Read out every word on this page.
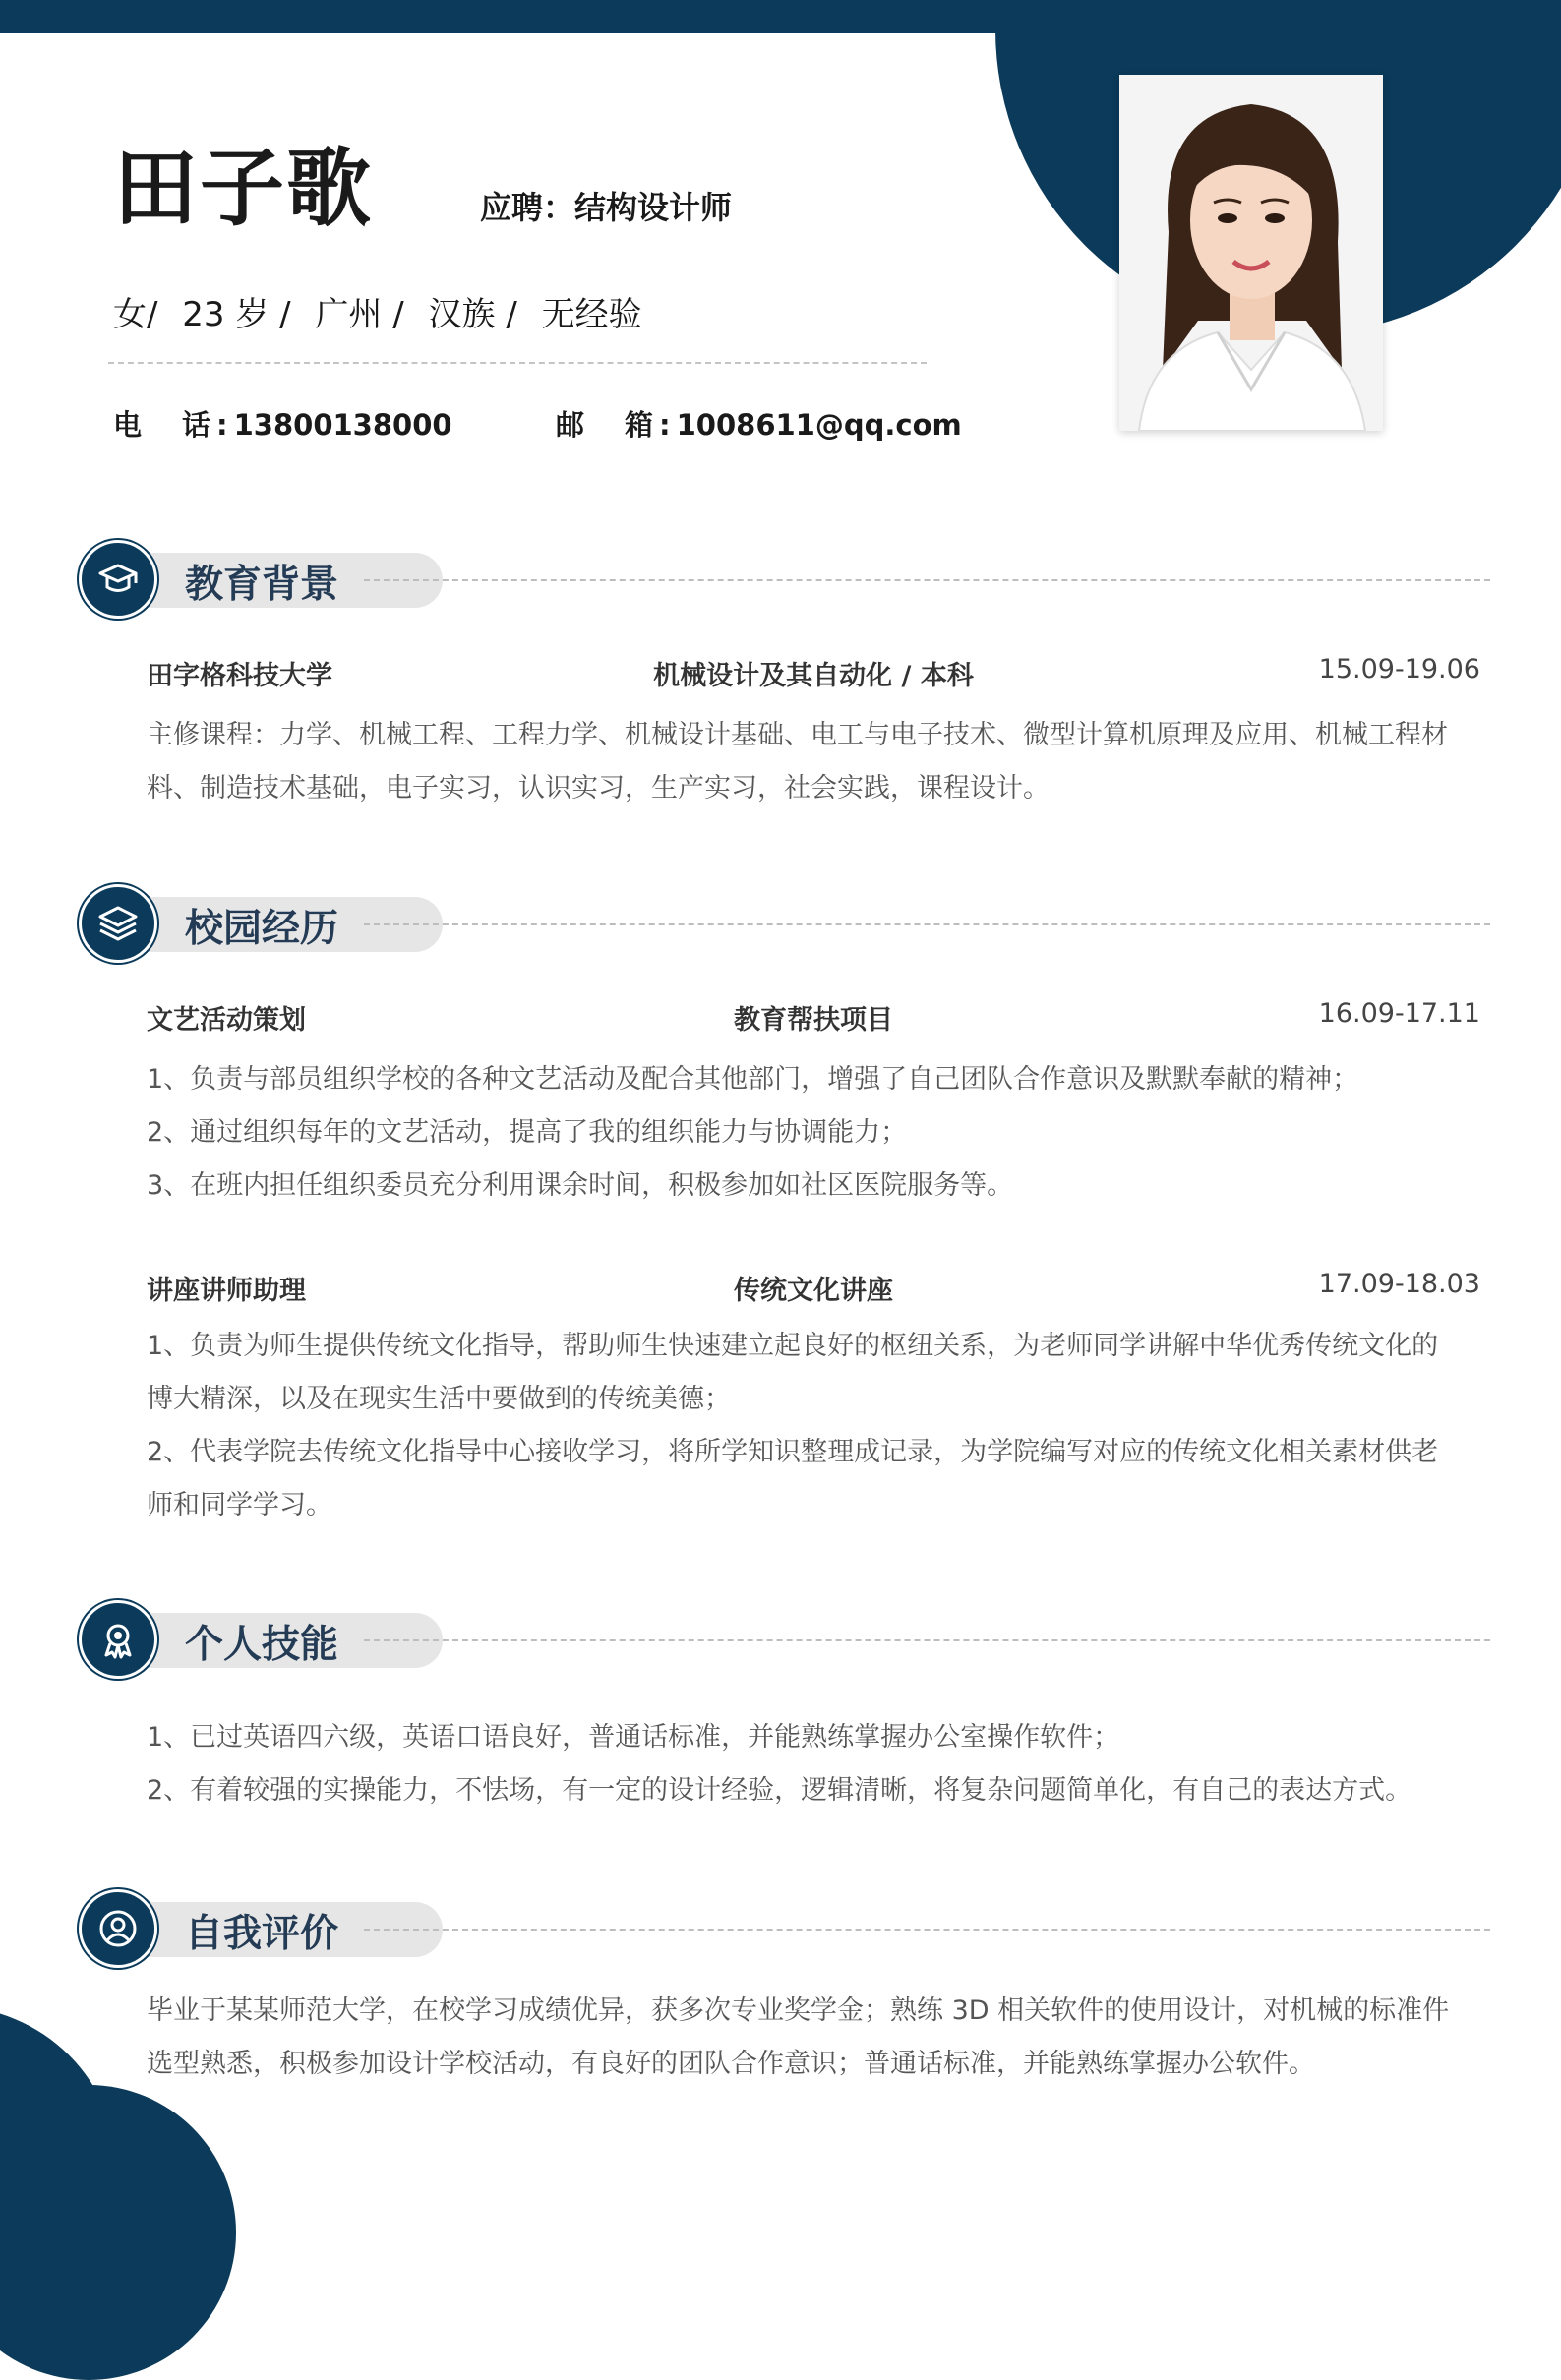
田子歌	应聘：结构设计师
女/ 23 岁 / 广州 / 汉族 / 无经验
电　话:13800138000	邮　箱:1008611@qq.com
教育背景
田字格科技大学	机械设计及其自动化 / 本科	15.09-19.06
主修课程：力学、机械工程、工程力学、机械设计基础、电工与电子技术、微型计算机原理及应用、机械工程材
料、制造技术基础，电子实习，认识实习，生产实习，社会实践，课程设计。
校园经历
文艺活动策划	教育帮扶项目	16.09-17.11
1、负责与部员组织学校的各种文艺活动及配合其他部门，增强了自己团队合作意识及默默奉献的精神；
2、通过组织每年的文艺活动，提高了我的组织能力与协调能力；
3、在班内担任组织委员充分利用课余时间，积极参加如社区医院服务等。
讲座讲师助理	传统文化讲座	17.09-18.03
1、负责为师生提供传统文化指导，帮助师生快速建立起良好的枢纽关系，为老师同学讲解中华优秀传统文化的
博大精深，以及在现实生活中要做到的传统美德；
2、代表学院去传统文化指导中心接收学习，将所学知识整理成记录，为学院编写对应的传统文化相关素材供老
师和同学学习。
个人技能
1、已过英语四六级，英语口语良好，普通话标准，并能熟练掌握办公室操作软件；
2、有着较强的实操能力，不怯场，有一定的设计经验，逻辑清晰，将复杂问题简单化，有自己的表达方式。
自我评价
毕业于某某师范大学，在校学习成绩优异，获多次专业奖学金；熟练 3D 相关软件的使用设计，对机械的标准件
选型熟悉，积极参加设计学校活动，有良好的团队合作意识；普通话标准，并能熟练掌握办公软件。
